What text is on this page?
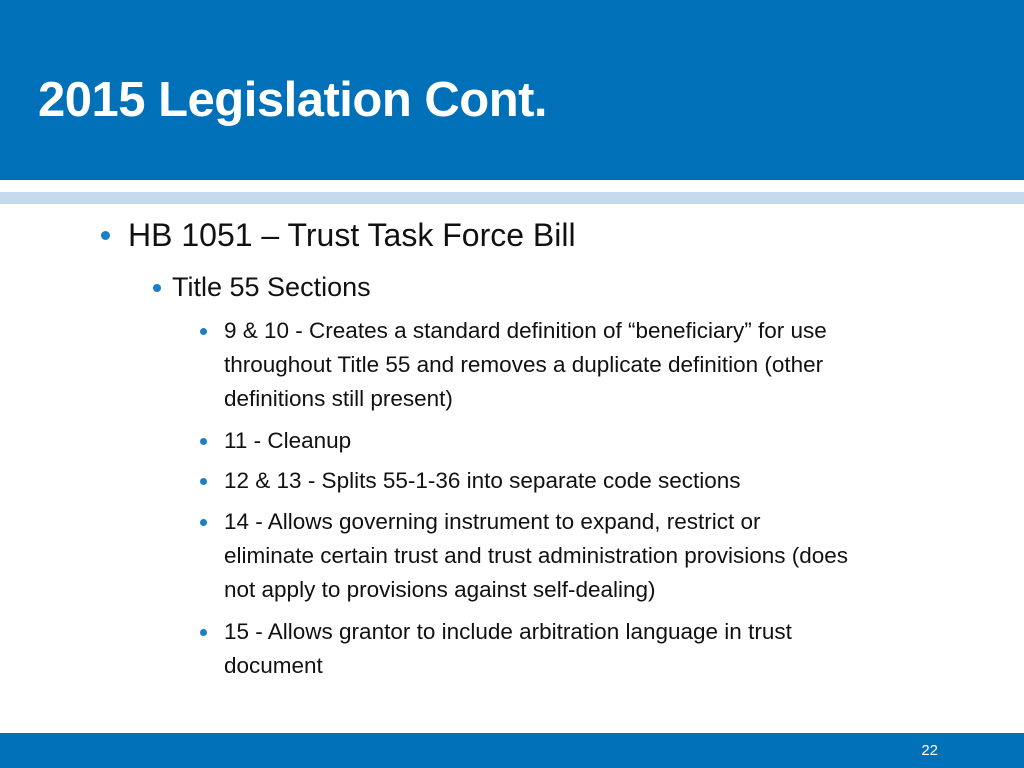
2015 Legislation Cont.

HB 1051 – Trust Task Force Bill

Title 55 Sections

9 & 10 - Creates a standard definition of “beneficiary” for use

throughout Title 55 and removes a duplicate definition (other

definitions still present)

11 - Cleanup

12 & 13 - Splits 55-1-36 into separate code sections

14 - Allows governing instrument to expand, restrict or

eliminate certain trust and trust administration provisions (does

not apply to provisions against self-dealing)

15 - Allows grantor to include arbitration language in trust

document

22
